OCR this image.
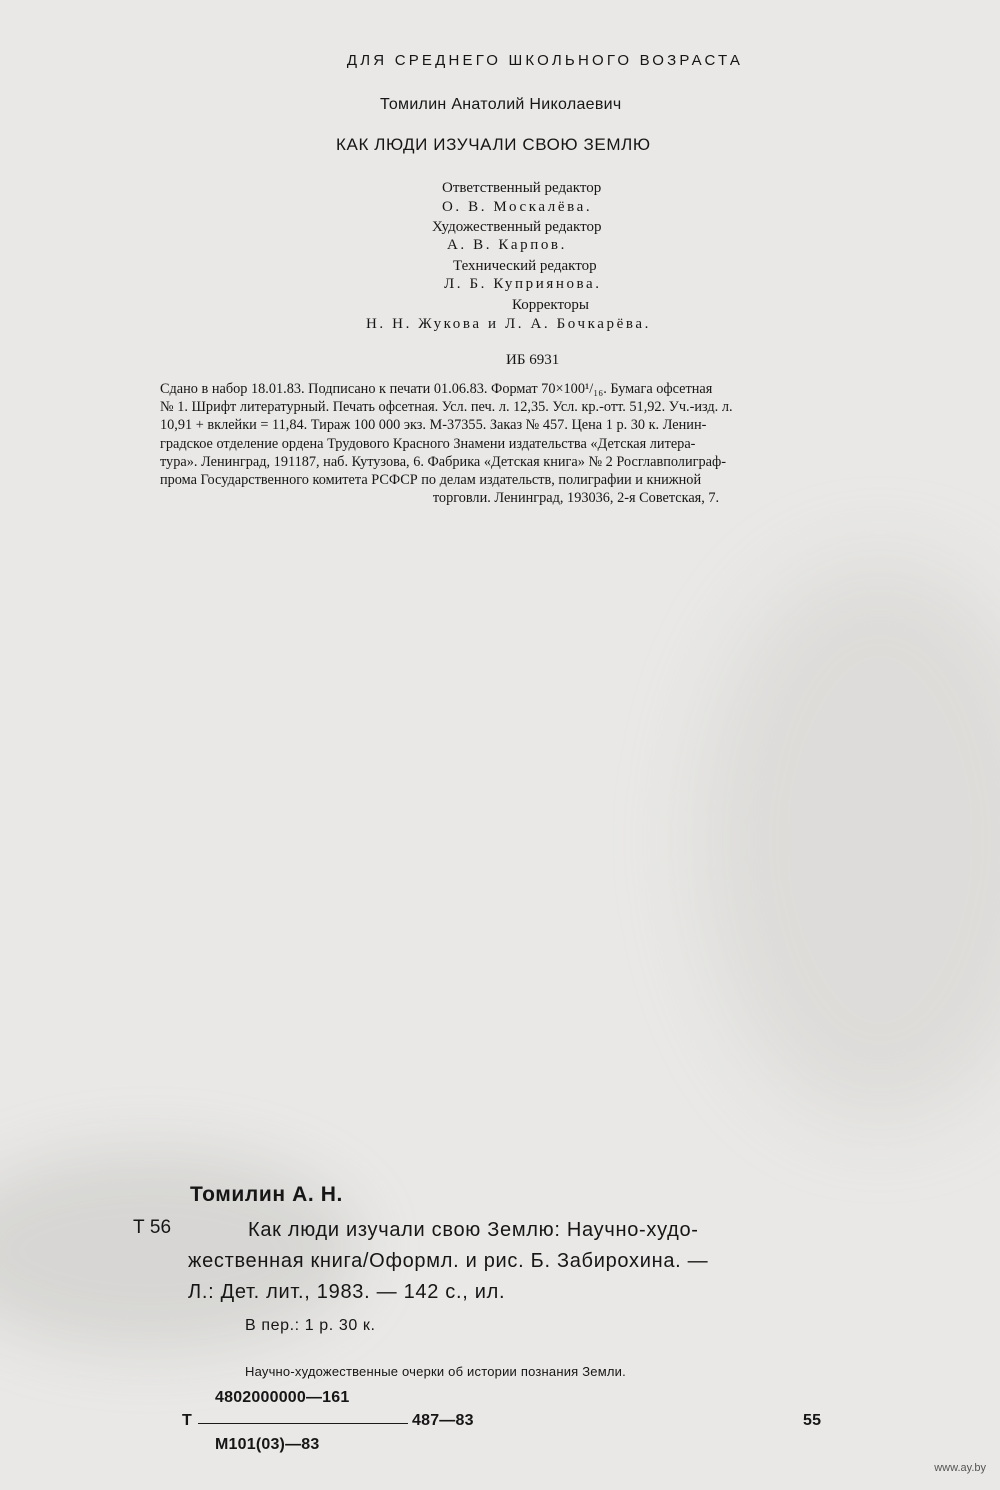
ДЛЯ СРЕДНЕГО ШКОЛЬНОГО ВОЗРАСТА
Томилин Анатолий Николаевич
КАК ЛЮДИ ИЗУЧАЛИ СВОЮ ЗЕМЛЮ
Ответственный редактор
О. В. Москалёва.
Художественный редактор
А. В. Карпов.
Технический редактор
Л. Б. Куприянова.
Корректоры
Н. Н. Жукова и Л. А. Бочкарёва.
ИБ 6931
Сдано в набор 18.01.83. Подписано к печати 01.06.83. Формат 70×100¹/₁₆. Бумага офсетная
№ 1. Шрифт литературный. Печать офсетная. Усл. печ. л. 12,35. Усл. кр.-отт. 51,92. Уч.-изд. л.
10,91 + вклейки = 11,84. Тираж 100 000 экз. М-37355. Заказ № 457. Цена 1 р. 30 к. Ленин-
градское отделение ордена Трудового Красного Знамени издательства «Детская литера-
тура». Ленинград, 191187, наб. Кутузова, 6. Фабрика «Детская книга» № 2 Росглавполиграф-
прома Государственного комитета РСФСР по делам издательств, полиграфии и книжной
торговли. Ленинград, 193036, 2-я Советская, 7.
Томилин А. Н.
Т 56	Как люди изучали свою Землю: Научно-худо-
жественная книга/Оформл. и рис. Б. Забирохина. —
Л.: Дет. лит., 1983. — 142 с., ил.
В пер.: 1 р. 30 к.
Научно-художественные очерки об истории познания Земли.
4802000000—161
Т	487—83
М101(03)—83
55
www.ay.by
